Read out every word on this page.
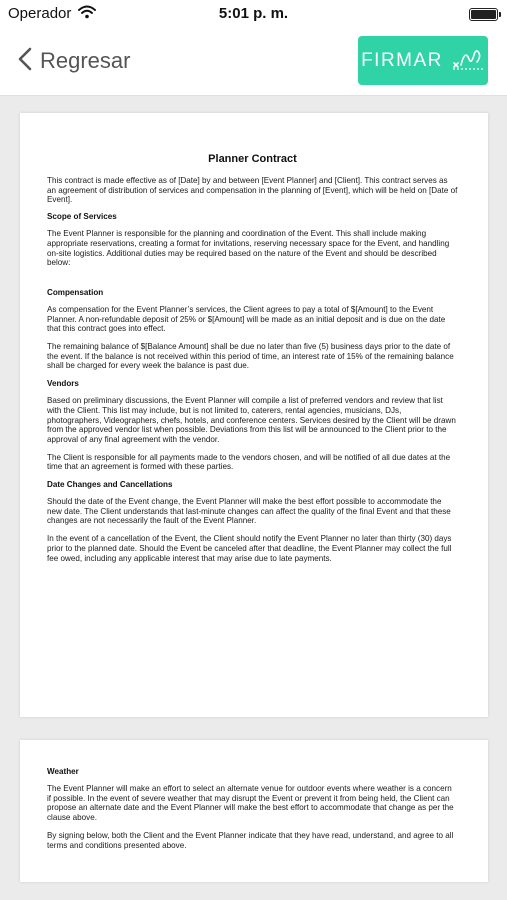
Operador	5:01 p. m.
Regresar	FIRMAR
Planner Contract

This contract is made effective as of [Date] by and between [Event Planner] and [Client]. This contract serves as an agreement of distribution of services and compensation in the planning of [Event], which will be held on [Date of Event].

Scope of Services

The Event Planner is responsible for the planning and coordination of the Event. This shall include making appropriate reservations, creating a format for invitations, reserving necessary space for the Event, and handling on-site logistics. Additional duties may be required based on the nature of the Event and should be described below:

Compensation

As compensation for the Event Planner’s services, the Client agrees to pay a total of $[Amount] to the Event Planner. A non-refundable deposit of 25% or $[Amount] will be made as an initial deposit and is due on the date that this contract goes into effect.

The remaining balance of $[Balance Amount] shall be due no later than five (5) business days prior to the date of the event. If the balance is not received within this period of time, an interest rate of 15% of the remaining balance shall be charged for every week the balance is past due.

Vendors

Based on preliminary discussions, the Event Planner will compile a list of preferred vendors and review that list with the Client. This list may include, but is not limited to, caterers, rental agencies, musicians, DJs, photographers, Videographers, chefs, hotels, and conference centers. Services desired by the Client will be drawn from the approved vendor list when possible. Deviations from this list will be announced to the Client prior to the approval of any final agreement with the vendor.

The Client is responsible for all payments made to the vendors chosen, and will be notified of all due dates at the time that an agreement is formed with these parties.

Date Changes and Cancellations

Should the date of the Event change, the Event Planner will make the best effort possible to accommodate the new date. The Client understands that last-minute changes can affect the quality of the final Event and that these changes are not necessarily the fault of the Event Planner.

In the event of a cancellation of the Event, the Client should notify the Event Planner no later than thirty (30) days prior to the planned date. Should the Event be canceled after that deadline, the Event Planner may collect the full fee owed, including any applicable interest that may arise due to late payments.

Weather

The Event Planner will make an effort to select an alternate venue for outdoor events where weather is a concern if possible. In the event of severe weather that may disrupt the Event or prevent it from being held, the Client can propose an alternate date and the Event Planner will make the best effort to accommodate that change as per the clause above.

By signing below, both the Client and the Event Planner indicate that they have read, understand, and agree to all terms and conditions presented above.
